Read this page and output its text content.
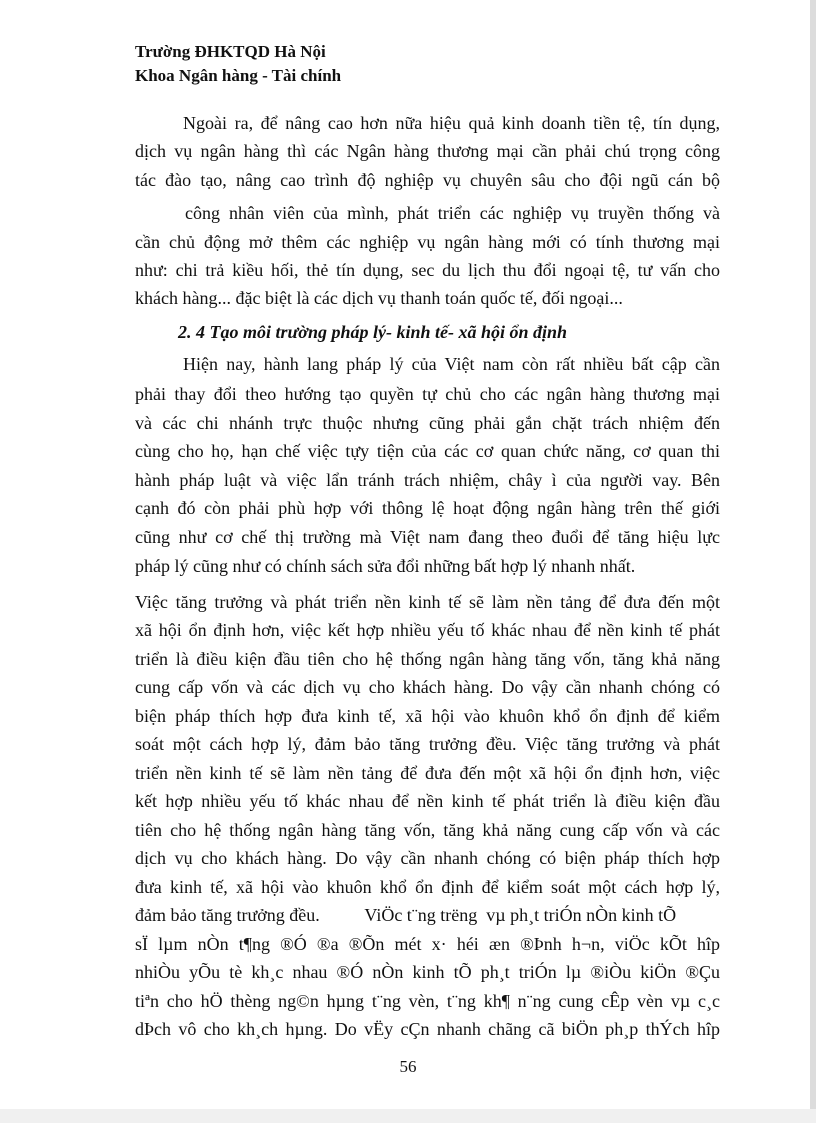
Trường ĐHKTQD Hà Nội
Khoa Ngân hàng - Tài chính
Ngoài ra, để nâng cao hơn nữa hiệu quả kinh doanh tiền tệ, tín dụng,
dịch vụ ngân hàng thì các Ngân hàng thương mại cần phải chú trọng công
tác đào tạo, nâng cao trình độ nghiệp vụ chuyên sâu cho đội ngũ cán bộ
công nhân viên của mình, phát triển các nghiệp vụ truyền thống và
cần chủ động mở thêm các nghiệp vụ ngân hàng mới có tính thương mại
như: chi trả kiều hối, thẻ tín dụng, sec du lịch thu đổi ngoại tệ, tư vấn cho
khách hàng... đặc biệt là các dịch vụ thanh toán quốc tế, đối ngoại...
2. 4 Tạo môi trường pháp lý- kinh tế- xã hội ổn định
Hiện nay, hành lang pháp lý của Việt nam còn rất nhiều bất cập cần
phải thay đổi theo hướng tạo quyền tự chủ cho các ngân hàng thương mại
và các chi nhánh trực thuộc nhưng cũng phải gắn chặt trách nhiệm đến
cùng cho họ, hạn chế việc tựy tiện của các cơ quan chức năng, cơ quan thi
hành pháp luật và việc lẩn tránh trách nhiệm, chây ì của người vay. Bên
cạnh đó còn phải phù hợp với thông lệ hoạt động ngân hàng trên thế giới
cũng như cơ chế thị trường mà Việt nam đang theo đuổi để tăng hiệu lực
pháp lý cũng như có chính sách sửa đổi những bất hợp lý nhanh nhất.
Việc tăng trưởng và phát triển nền kinh tế sẽ làm nền tảng để đưa đến một
xã hội ổn định hơn, việc kết hợp nhiều yếu tố khác nhau để nền kinh tế phát
triển là điều kiện đầu tiên cho hệ thống ngân hàng tăng vốn, tăng khả năng
cung cấp vốn và các dịch vụ cho khách hàng. Do vậy cần nhanh chóng có
biện pháp thích hợp đưa kinh tế, xã hội vào khuôn khổ ổn định để kiểm
soát một cách hợp lý, đảm bảo tăng trưởng đều. Việc tăng trưởng và phát
triển nền kinh tế sẽ làm nền tảng để đưa đến một xã hội ổn định hơn, việc
kết hợp nhiều yếu tố khác nhau để nền kinh tế phát triển là điều kiện đầu
tiên cho hệ thống ngân hàng tăng vốn, tăng khả năng cung cấp vốn và các
dịch vụ cho khách hàng. Do vậy cần nhanh chóng có biện pháp thích hợp
đưa kinh tế, xã hội vào khuôn khổ ổn định để kiểm soát một cách hợp lý,
đảm bảo tăng trưởng đều.          ViÖc t¨ng trëng  vµ ph¸t triÓn nÒn kinh tÕ
sÏ lµm nÒn t¶ng ®Ó ®a ®Õn mét x· héi æn ®Þnh h¬n, viÖc kÕt hîp
nhiÒu yÕu tè kh¸c nhau ®Ó nÒn kinh tÕ ph¸t triÓn lµ ®iÒu kiÖn ®Çu
tiªn cho hÖ thèng ng©n hµng t¨ng vèn, t¨ng kh¶ n¨ng cung cÊp vèn vµ c¸c
dÞch vô cho kh¸ch hµng. Do vËy cÇn nhanh chãng cã biÖn ph¸p thÝch hîp
56
